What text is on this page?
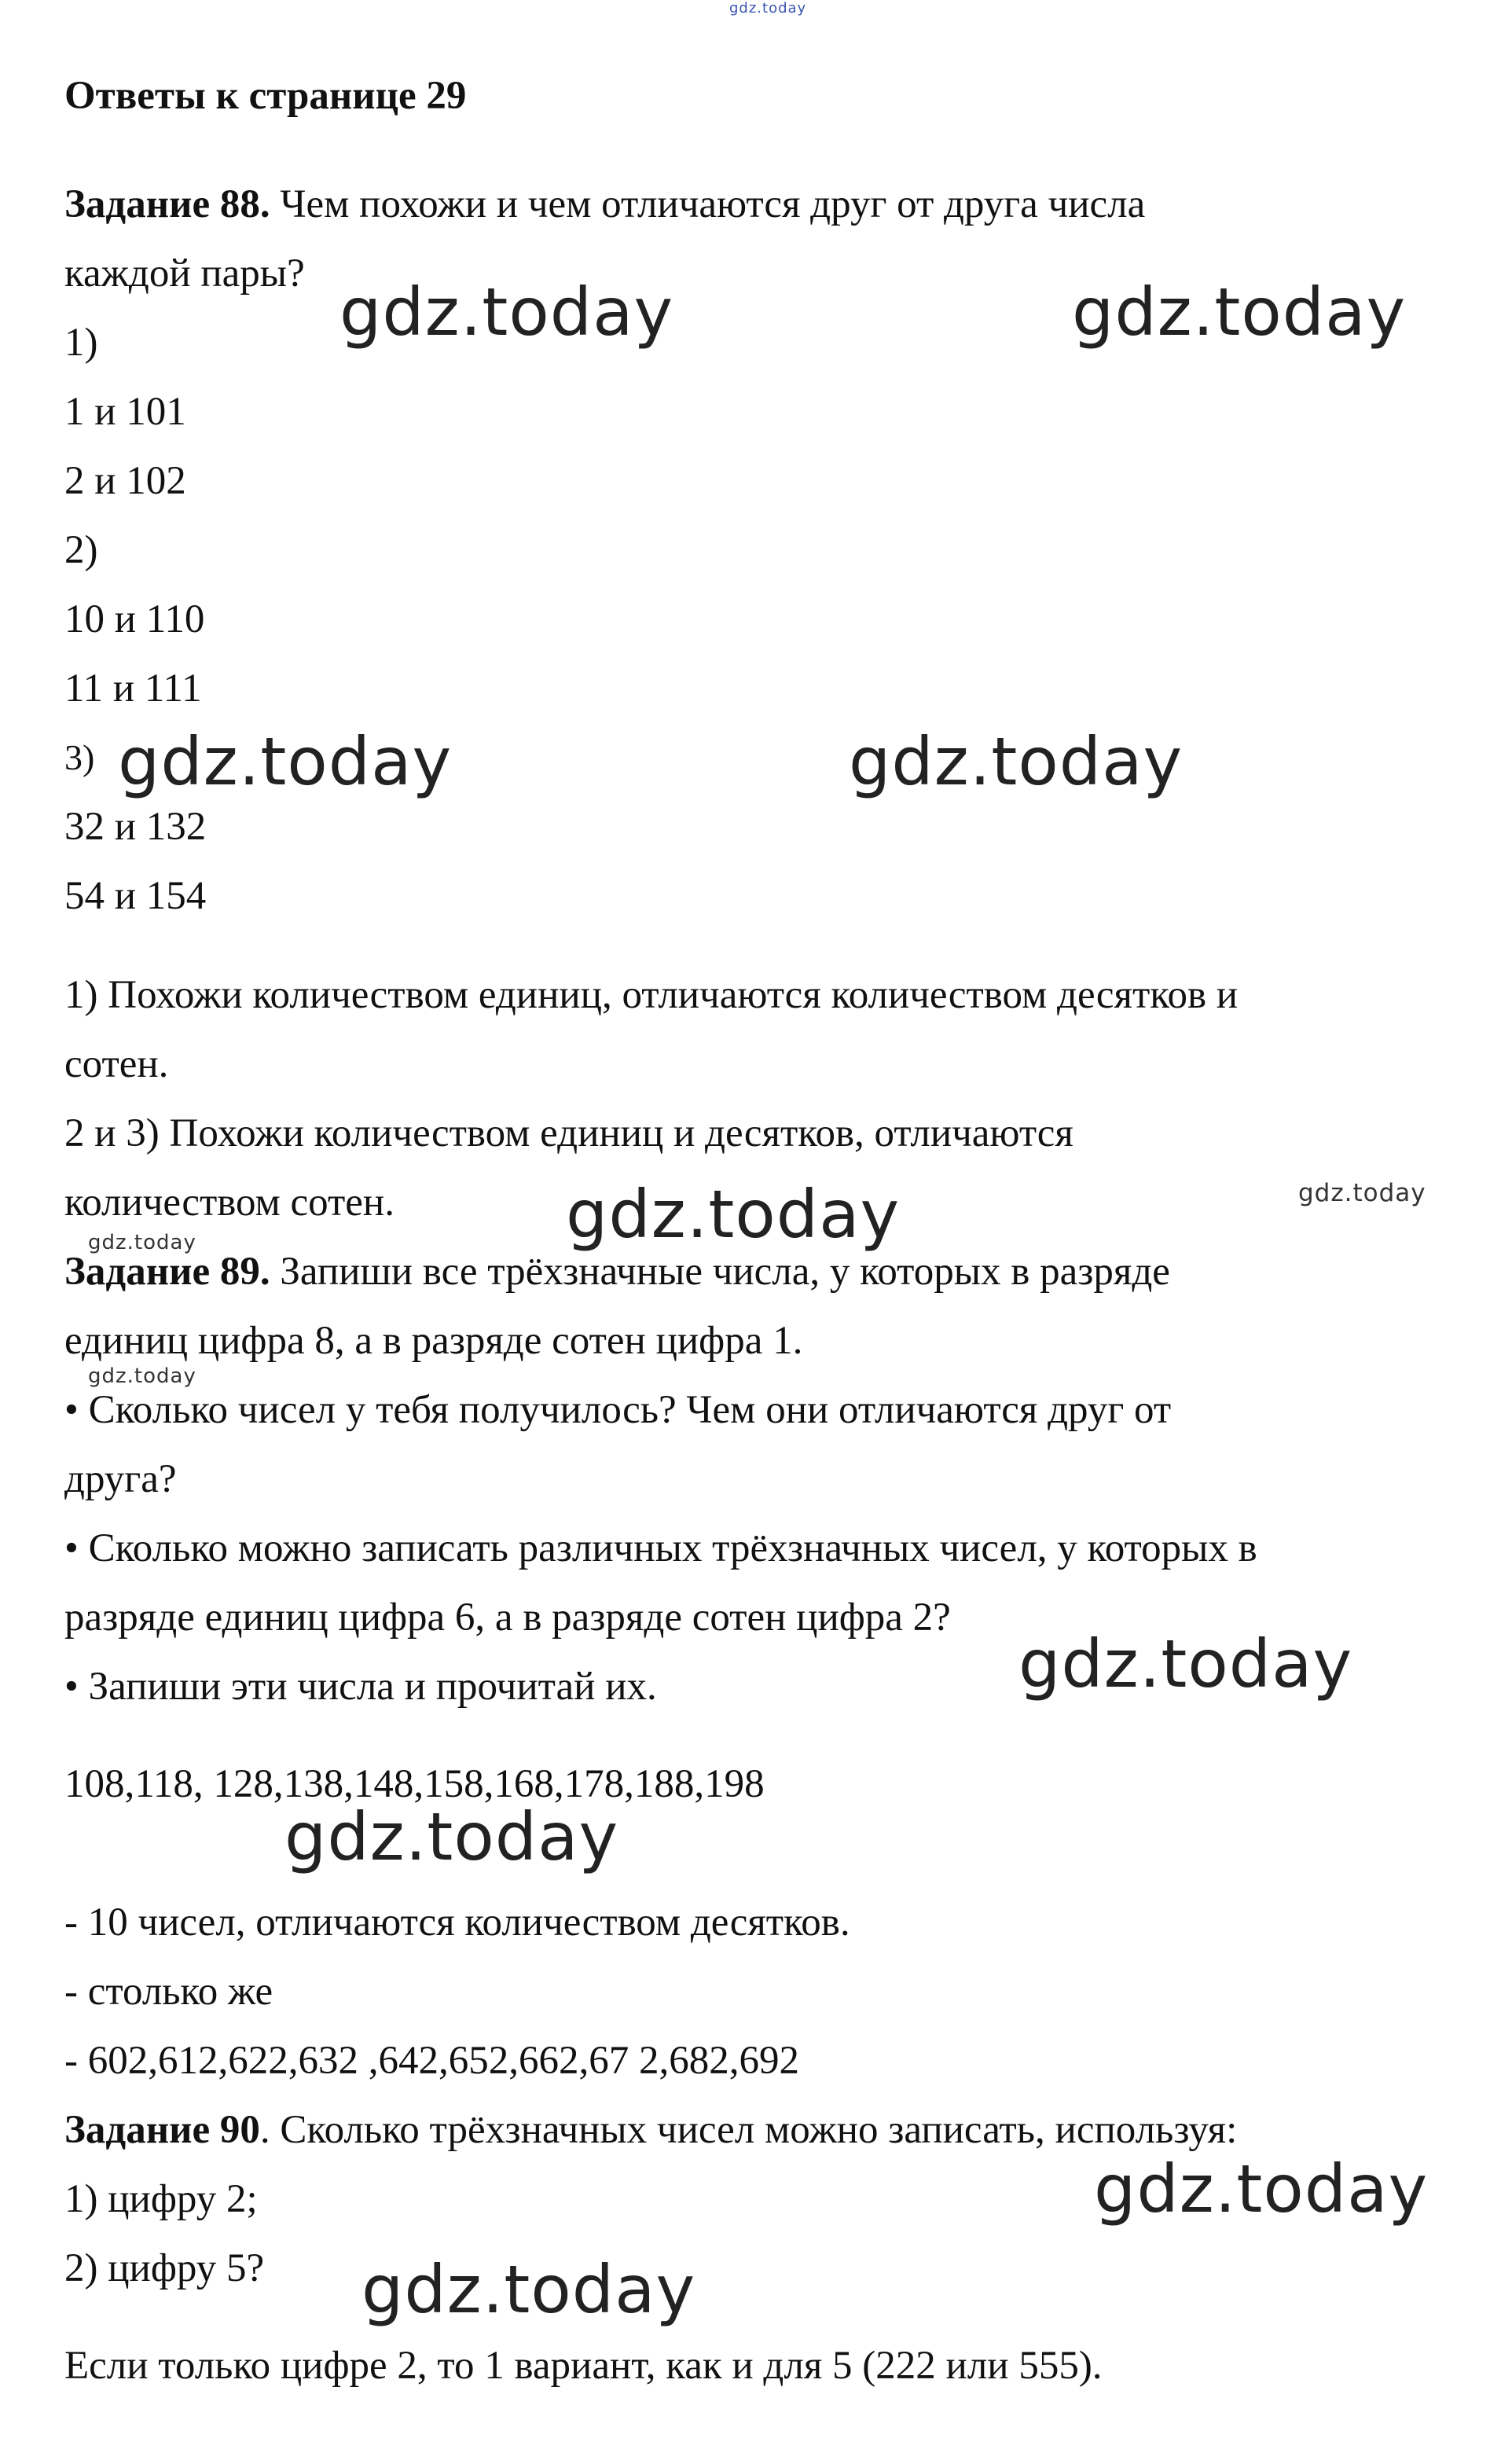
gdz.today
Ответы к странице 29
Задание 88. Чем похожи и чем отличаются друг от друга числа
каждой пары?
1)
1 и 101
2 и 102
2)
10 и 110
11 и 111
3)
32 и 132
54 и 154
1) Похожи количеством единиц, отличаются количеством десятков и
сотен.
2 и 3) Похожи количеством единиц и десятков, отличаются
количеством сотен.
Задание 89. Запиши все трёхзначные числа, у которых в разряде
единиц цифра 8, а в разряде сотен цифра 1.
• Сколько чисел у тебя получилось? Чем они отличаются друг от
друга?
• Сколько можно записать различных трёхзначных чисел, у которых в
разряде единиц цифра 6, а в разряде сотен цифра 2?
• Запиши эти числа и прочитай их.
108,118, 128,138,148,158,168,178,188,198
- 10 чисел, отличаются количеством десятков.
- столько же
- 602,612,622,632 ,642,652,662,67 2,682,692
Задание 90. Сколько трёхзначных чисел можно записать, используя:
1) цифру 2;
2) цифру 5?
Если только цифре 2, то 1 вариант, как и для 5 (222 или 555).
gdz.today	gdz.today
gdz.today	gdz.today
gdz.today	gdz.today
gdz.today
gdz.today
gdz.today
gdz.today
gdz.today
gdz.today
